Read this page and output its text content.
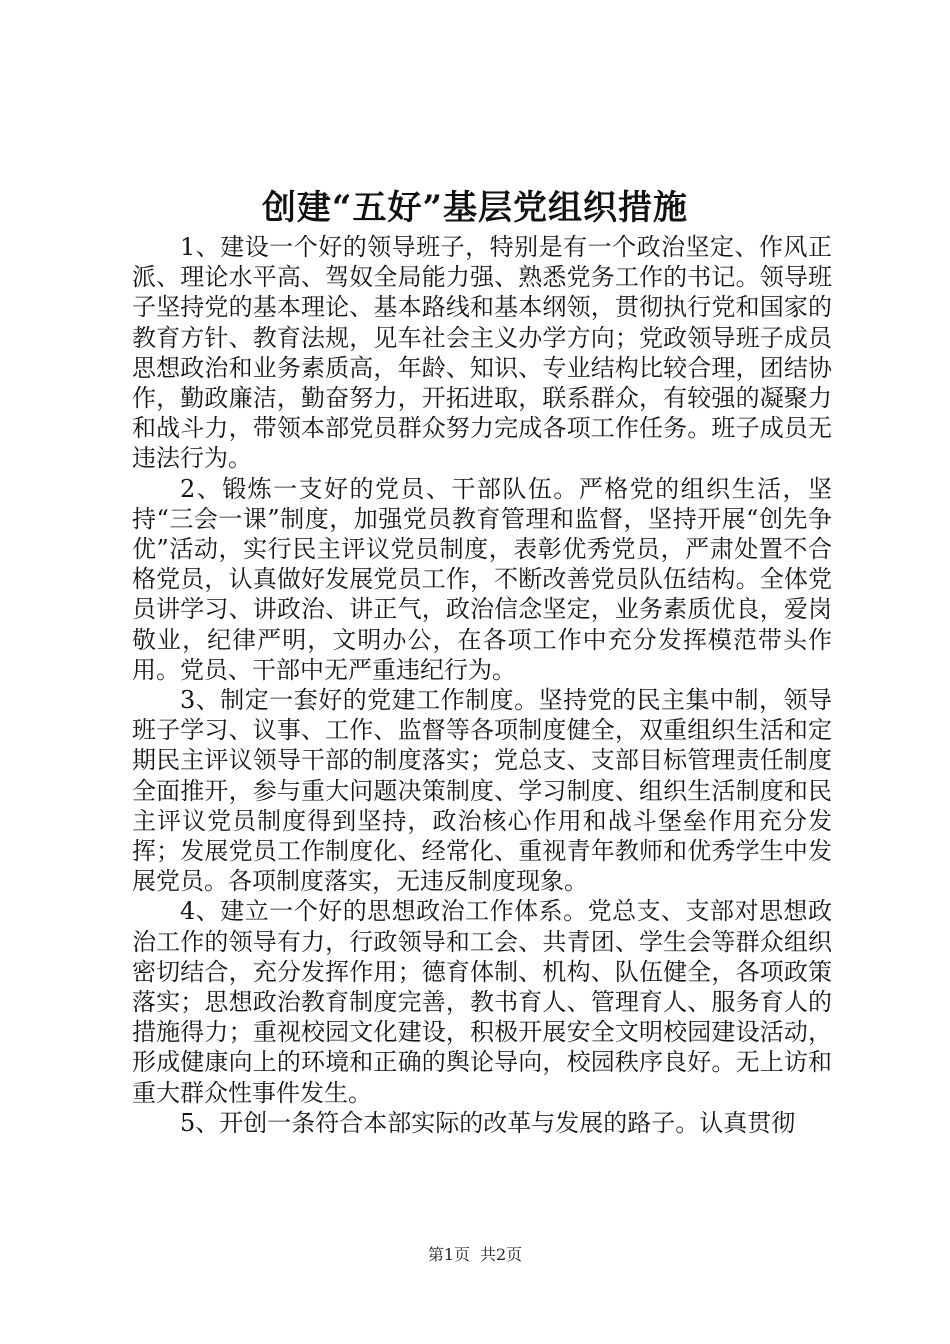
创建“五好”基层党组织措施

1、建设一个好的领导班子，特别是有一个政治坚定、作风正派、理论水平高、驾奴全局能力强、熟悉党务工作的书记。领导班子坚持党的基本理论、基本路线和基本纲领，贯彻执行党和国家的教育方针、教育法规，见车社会主义办学方向；党政领导班子成员思想政治和业务素质高，年龄、知识、专业结构比较合理，团结协作，勤政廉洁，勤奋努力，开拓进取，联系群众，有较强的凝聚力和战斗力，带领本部党员群众努力完成各项工作任务。班子成员无违法行为。

2、锻炼一支好的党员、干部队伍。严格党的组织生活，坚持“三会一课”制度，加强党员教育管理和监督，坚持开展“创先争优”活动，实行民主评议党员制度，表彰优秀党员，严肃处置不合格党员，认真做好发展党员工作，不断改善党员队伍结构。全体党员讲学习、讲政治、讲正气，政治信念坚定，业务素质优良，爱岗敬业，纪律严明，文明办公，在各项工作中充分发挥模范带头作用。党员、干部中无严重违纪行为。

3、制定一套好的党建工作制度。坚持党的民主集中制，领导班子学习、议事、工作、监督等各项制度健全，双重组织生活和定期民主评议领导干部的制度落实；党总支、支部目标管理责任制度全面推开，参与重大问题决策制度、学习制度、组织生活制度和民主评议党员制度得到坚持，政治核心作用和战斗堡垒作用充分发挥；发展党员工作制度化、经常化、重视青年教师和优秀学生中发展党员。各项制度落实，无违反制度现象。

4、建立一个好的思想政治工作体系。党总支、支部对思想政治工作的领导有力，行政领导和工会、共青团、学生会等群众组织密切结合，充分发挥作用；德育体制、机构、队伍健全，各项政策落实；思想政治教育制度完善，教书育人、管理育人、服务育人的措施得力；重视校园文化建设，积极开展安全文明校园建设活动，形成健康向上的环境和正确的舆论导向，校园秩序良好。无上访和重大群众性事件发生。

5、开创一条符合本部实际的改革与发展的路子。认真贯彻

第1页 共2页
